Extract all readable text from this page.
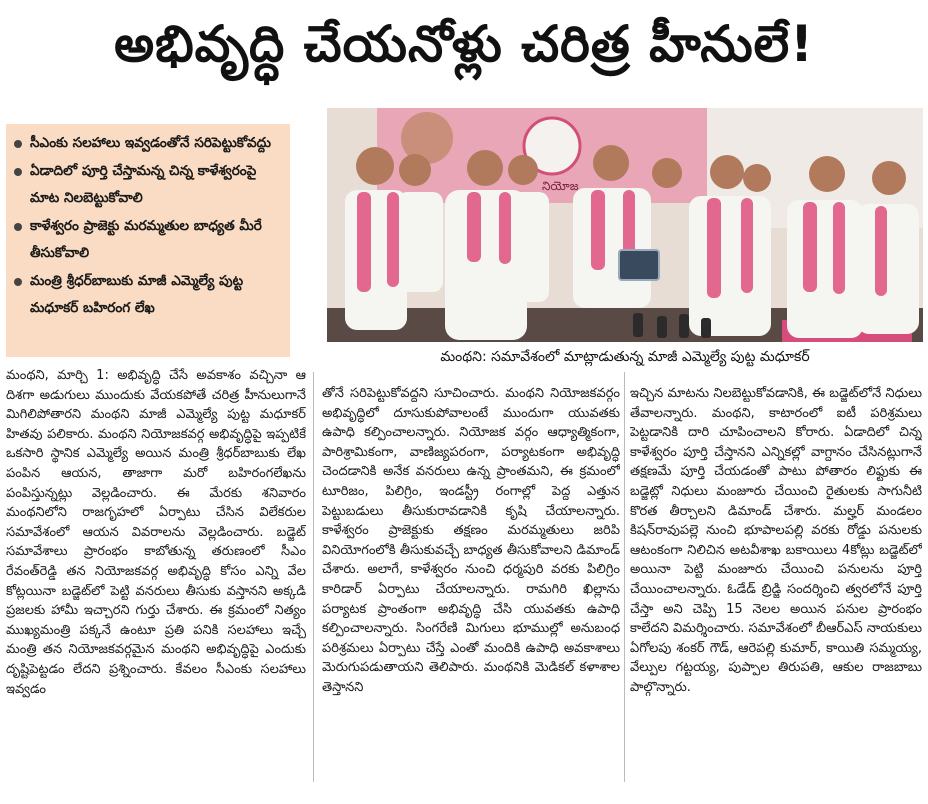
అభివృద్ధి చేయనోళ్లు చరిత్ర హీనులే!
సీఎంకు సలహాలు ఇవ్వడంతోనే సరిపెట్టుకోవద్దు
ఏడాదిలో పూర్తి చేస్తామన్న చిన్న కాళేశ్వరంపై మాట నిలబెట్టుకోవాలి
కాళేశ్వరం ప్రాజెక్టు మరమ్మతుల బాధ్యత మీరే తీసుకోవాలి
మంత్రి శ్రీధర్‌బాబుకు మాజీ ఎమ్మెల్యే పుట్ట మధూకర్ బహిరంగ లేఖ
నియోజ
మంథని: సమావేశంలో మాట్లాడుతున్న మాజీ ఎమ్మెల్యే పుట్ట మధూకర్

మంథని, మార్చి 1: అభివృద్ధి చేసే అవకాశం వచ్చినా ఆ దిశగా అడుగులు ముందుకు వేయకపోతే చరిత్ర హీనులుగానే మిగిలిపోతారని మంథని మాజీ ఎమ్మెల్యే పుట్ట మధూకర్ హితవు పలికారు. మంథని నియోజకవర్గ అభివృద్ధిపై ఇప్పటికే ఒకసారి స్థానిక ఎమ్మెల్యే అయిన మంత్రి శ్రీధర్‌బాబుకు లేఖ పంపిన ఆయన, తాజాగా మరో బహిరంగలేఖను పంపిస్తున్నట్లు వెల్లడించారు. ఈ మేరకు శనివారం మంథనిలోని రాజగృహలో ఏర్పాటు చేసిన విలేకరుల సమావేశంలో ఆయన వివరాలను వెల్లడించారు. బడ్జెట్ సమావేశాలు ప్రారంభం కాబోతున్న తరుణంలో సీఎం రేవంత్‌రెడ్డి తన నియోజకవర్గ అభివృద్ధి కోసం ఎన్ని వేల కోట్లయినా బడ్జెట్‌లో పెట్టి వనరులు తీసుకు వస్తానని అక్కడి ప్రజలకు హామీ ఇచ్చారని గుర్తు చేశారు. ఈ క్రమంలో నిత్యం ముఖ్యమంత్రి పక్కనే ఉంటూ ప్రతి పనికి సలహాలు ఇచ్చే మంత్రి తన నియోజకవర్గమైన మంథని అభివృద్ధిపై ఎందుకు దృష్టిపెట్టడం లేదని ప్రశ్నించారు. కేవలం సీఎంకు సలహాలు ఇవ్వడం

తోనే సరిపెట్టుకోవద్దని సూచించారు. మంథని నియోజకవర్గం అభివృద్ధిలో దూసుకుపోవాలంటే ముందుగా యువతకు ఉపాధి కల్పించాలన్నారు. నియోజక వర్గం ఆధ్యాత్మికంగా, పారిశ్రామికంగా, వాణిజ్యపరంగా, పర్యాటకంగా అభివృద్ధి చెందడానికి అనేక వనరులు ఉన్న ప్రాంతమని, ఈ క్రమంలో టూరిజం, పిలిగ్రిం, ఇండస్ట్రీ రంగాల్లో పెద్ద ఎత్తున పెట్టుబడులు తీసుకురావడానికి కృషి చేయాలన్నారు. కాళేశ్వరం ప్రాజెక్టుకు తక్షణం మరమ్మతులు జరిపి వినియోగంలోకి తీసుకువచ్చే బాధ్యత తీసుకోవాలని డిమాండ్ చేశారు. అలాగే, కాళేశ్వరం నుంచి ధర్మపురి వరకు పిలిగ్రిం కారిడార్ ఏర్పాటు చేయాలన్నారు. రామగిరి ఖిల్లాను పర్యాటక ప్రాంతంగా అభివృద్ధి చేసి యువతకు ఉపాధి కల్పించాలన్నారు. సింగరేణి మిగులు భూముల్లో అనుబంధ పరిశ్రమలు ఏర్పాటు చేస్తే ఎంతో మందికి ఉపాధి అవకాశాలు మెరుగుపడుతాయని తెలిపారు. మంథనికి మెడికల్ కళాశాల తెస్తానని

ఇచ్చిన మాటను నిలబెట్టుకోవడానికి, ఈ బడ్జెట్‌లోనే నిధులు తేవాలన్నారు. మంథని, కాటారంలో ఐటీ పరిశ్రమలు పెట్టడానికి దారి చూపించాలని కోరారు. ఏడాదిలో చిన్న కాళేశ్వరం పూర్తి చేస్తానని ఎన్నికల్లో వాగ్దానం చేసినట్లుగానే తక్షణమే పూర్తి చేయడంతో పాటు పోతారం లిఫ్టుకు ఈ బడ్జెట్లో నిధులు మంజూరు చేయించి రైతులకు సాగునీటి కొరత తీర్చాలని డిమాండ్ చేశారు. మల్హర్ మండలం కిషన్‌రావుపల్లె నుంచి భూపాలపల్లి వరకు రోడ్డు పనులకు ఆటంకంగా నిలిచిన అటవీశాఖ బకాయిలు 4కోట్లు బడ్జెట్‌లో అయినా పెట్టి మంజూరు చేయించి పనులను పూర్తి చేయించాలన్నారు. ఓడేడ్ బ్రిడ్జి సందర్శించి త్వరలోనే పూర్తి చేస్తా అని చెప్పి 15 నెలల అయిన పనుల ప్రారంభం కాలేదని విమర్శించారు. సమావేశంలో బీఆర్‌ఎస్ నాయకులు ఏగోలపు శంకర్ గౌడ్, ఆరెపల్లి కుమార్, కాయితి సమ్మయ్య, వేల్పుల గట్టయ్య, పుప్పాల తిరుపతి, ఆకుల రాజబాబు పాల్గొన్నారు.
